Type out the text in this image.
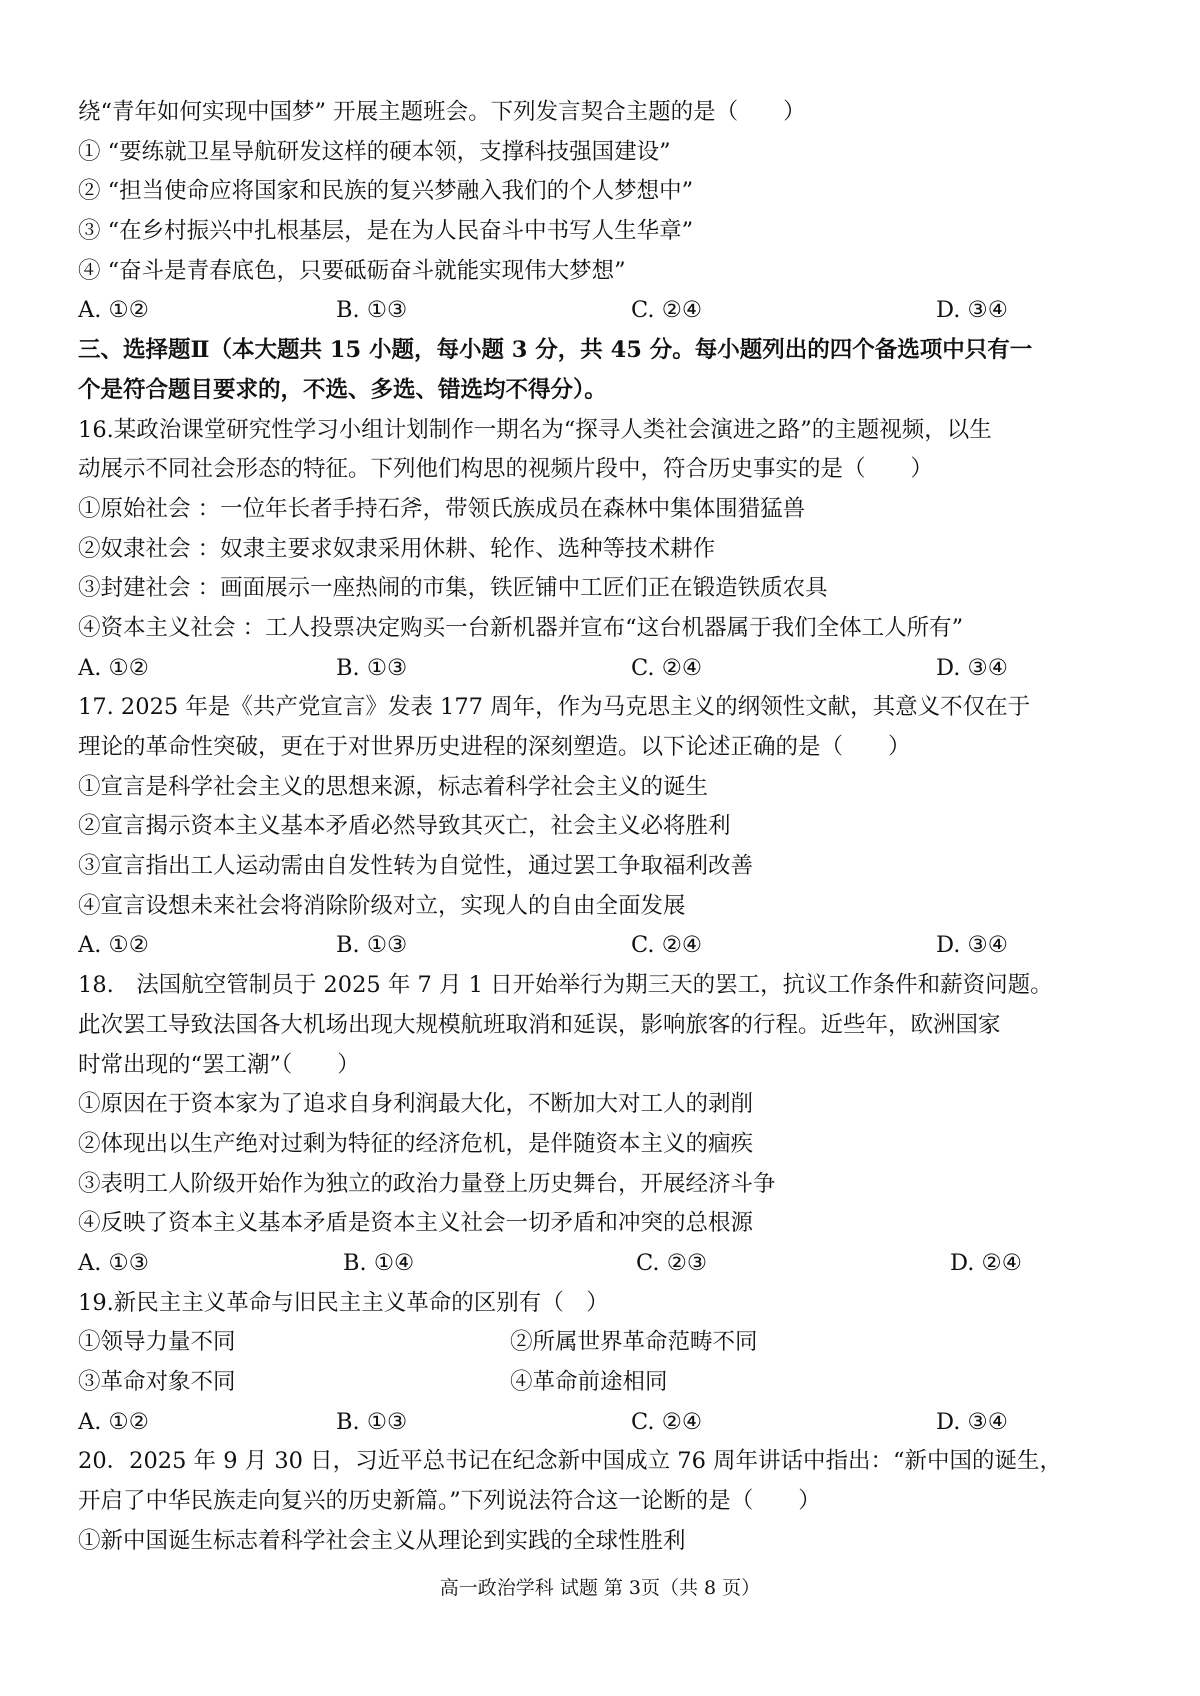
绕“青年如何实现中国梦” 开展主题班会。下列发言契合主题的是（　　）
① “要练就卫星导航研发这样的硬本领，支撑科技强国建设”
② “担当使命应将国家和民族的复兴梦融入我们的个人梦想中”
③ “在乡村振兴中扎根基层，是在为人民奋斗中书写人生华章”
④ “奋斗是青春底色，只要砥砺奋斗就能实现伟大梦想”
A. ①②	B. ①③	C. ②④	D. ③④
三、选择题Ⅱ（本大题共 15 小题，每小题 3 分，共 45 分。每小题列出的四个备选项中只有一
个是符合题目要求的，不选、多选、错选均不得分）。
16.某政治课堂研究性学习小组计划制作一期名为“探寻人类社会演进之路”的主题视频，以生
动展示不同社会形态的特征。下列他们构思的视频片段中，符合历史事实的是（　　）
①原始社会 ：一位年长者手持石斧，带领氏族成员在森林中集体围猎猛兽
②奴隶社会 ：奴隶主要求奴隶采用休耕、轮作、选种等技术耕作
③封建社会 ：画面展示一座热闹的市集，铁匠铺中工匠们正在锻造铁质农具
④资本主义社会 ：工人投票决定购买一台新机器并宣布“这台机器属于我们全体工人所有”
A. ①②	B. ①③	C. ②④	D. ③④
17. 2025 年是《共产党宣言》发表 177 周年，作为马克思主义的纲领性文献，其意义不仅在于
理论的革命性突破，更在于对世界历史进程的深刻塑造。以下论述正确的是（　　）
①宣言是科学社会主义的思想来源，标志着科学社会主义的诞生
②宣言揭示资本主义基本矛盾必然导致其灭亡，社会主义必将胜利
③宣言指出工人运动需由自发性转为自觉性，通过罢工争取福利改善
④宣言设想未来社会将消除阶级对立，实现人的自由全面发展
A. ①②	B. ①③	C. ②④	D. ③④
18.　法国航空管制员于 2025 年 7 月 1 日开始举行为期三天的罢工，抗议工作条件和薪资问题。
此次罢工导致法国各大机场出现大规模航班取消和延误，影响旅客的行程。近些年，欧洲国家
时常出现的“罢工潮”（　　）
①原因在于资本家为了追求自身利润最大化，不断加大对工人的剥削
②体现出以生产绝对过剩为特征的经济危机，是伴随资本主义的痼疾
③表明工人阶级开始作为独立的政治力量登上历史舞台，开展经济斗争
④反映了资本主义基本矛盾是资本主义社会一切矛盾和冲突的总根源
A. ①③	B. ①④	C. ②③	D. ②④
19.新民主主义革命与旧民主主义革命的区别有（　）
①领导力量不同	②所属世界革命范畴不同
③革命对象不同	④革命前途相同
A. ①②	B. ①③	C. ②④	D. ③④
20．2025 年 9 月 30 日，习近平总书记在纪念新中国成立 76 周年讲话中指出：“新中国的诞生，
开启了中华民族走向复兴的历史新篇。”下列说法符合这一论断的是（　　）
①新中国诞生标志着科学社会主义从理论到实践的全球性胜利
高一政治学科 试题 第 3页（共 8 页）
